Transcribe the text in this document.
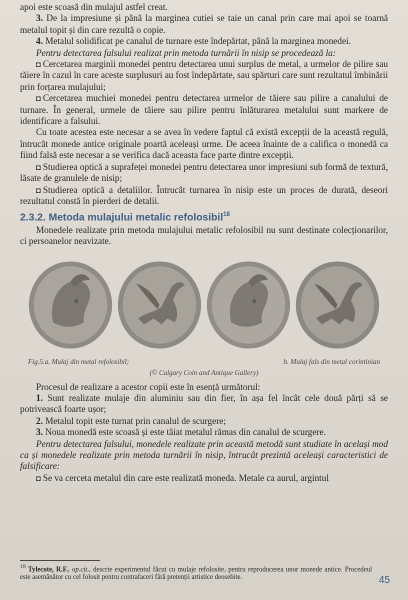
apoi este scoasă din mulajul astfel creat.

3. De la impresiune și până la marginea cutiei se taie un canal prin care mai apoi se toarnă metalul topit și din care rezultă o copie.

4. Metalul solidificat pe canalul de turnare este îndepărtat, până la marginea monedei.

Pentru detectarea falsului realizat prin metoda turnării în nisip se procedează la:

◘ Cercetarea marginii monedei pentru detectarea unui surplus de metal, a urmelor de pilire sau tăiere în cazul în care aceste surplusuri au fost îndepărtate, sau spărturi care sunt rezultatul îmbinării prin forțarea mulajului;

◘ Cercetarea muchiei monedei pentru detectarea urmelor de tăiere sau pilire a canalului de turnare. În general, urmele de tăiere sau pilire pentru înlăturarea metalului sunt markere de identificare a falsului.

Cu toate acestea este necesar a se avea în vedere faptul că există excepții de la această regulă, întrucât monede antice originale poartă aceleași urme. De aceea înainte de a califica o monedă ca fiind falsă este necesar a se verifica dacă aceasta face parte dintre excepții.

◘ Studierea optică a suprafeței monedei pentru detectarea unor impresiuni sub formă de textură, lăsate de granulele de nisip;

◘ Studierea optică a detaliilor. Întrucât turnarea în nisip este un proces de durată, deseori rezultatul constă în pierderi de detalii.

2.3.2. Metoda mulajului metalic refolosibil$^{18}$

Monedele realizate prin metoda mulajului metalic refolosibil nu sunt destinate colecționarilor, ci persoanelor neavizate.

Fig.5.a. Mulaj din metal refolosibil;	b. Mulaj fals din metal corintinian
(© Calgary Coin and Antique Gallery)

Procesul de realizare a acestor copii este în esență următorul:

1. Sunt realizate mulaje din aluminiu sau din fier, în așa fel încât cele două părți să se potrivească foarte ușor;

2. Metalul topit este turnat prin canalul de scurgere;

3. Noua monedă este scoasă și este tăiat metalul rămas din canalul de scurgere.

Pentru detectarea falsului, monedele realizate prin această metodă sunt studiate în același mod ca și monedele realizate prin metoda turnării în nisip, întrucât prezintă aceleași caracteristici de falsificare:

◘ Se va cerceta metalul din care este realizată moneda. Metale ca aurul, argintul

$^{18}$ Tylecote, R.F., op.cit., descrie experimentul făcut cu mulaje refolosite, pentru reproducerea unor monede antice. Procedeul este asemănător cu cel folosit pentru contrafaceri fără pretenții artistice deosebite.	45
